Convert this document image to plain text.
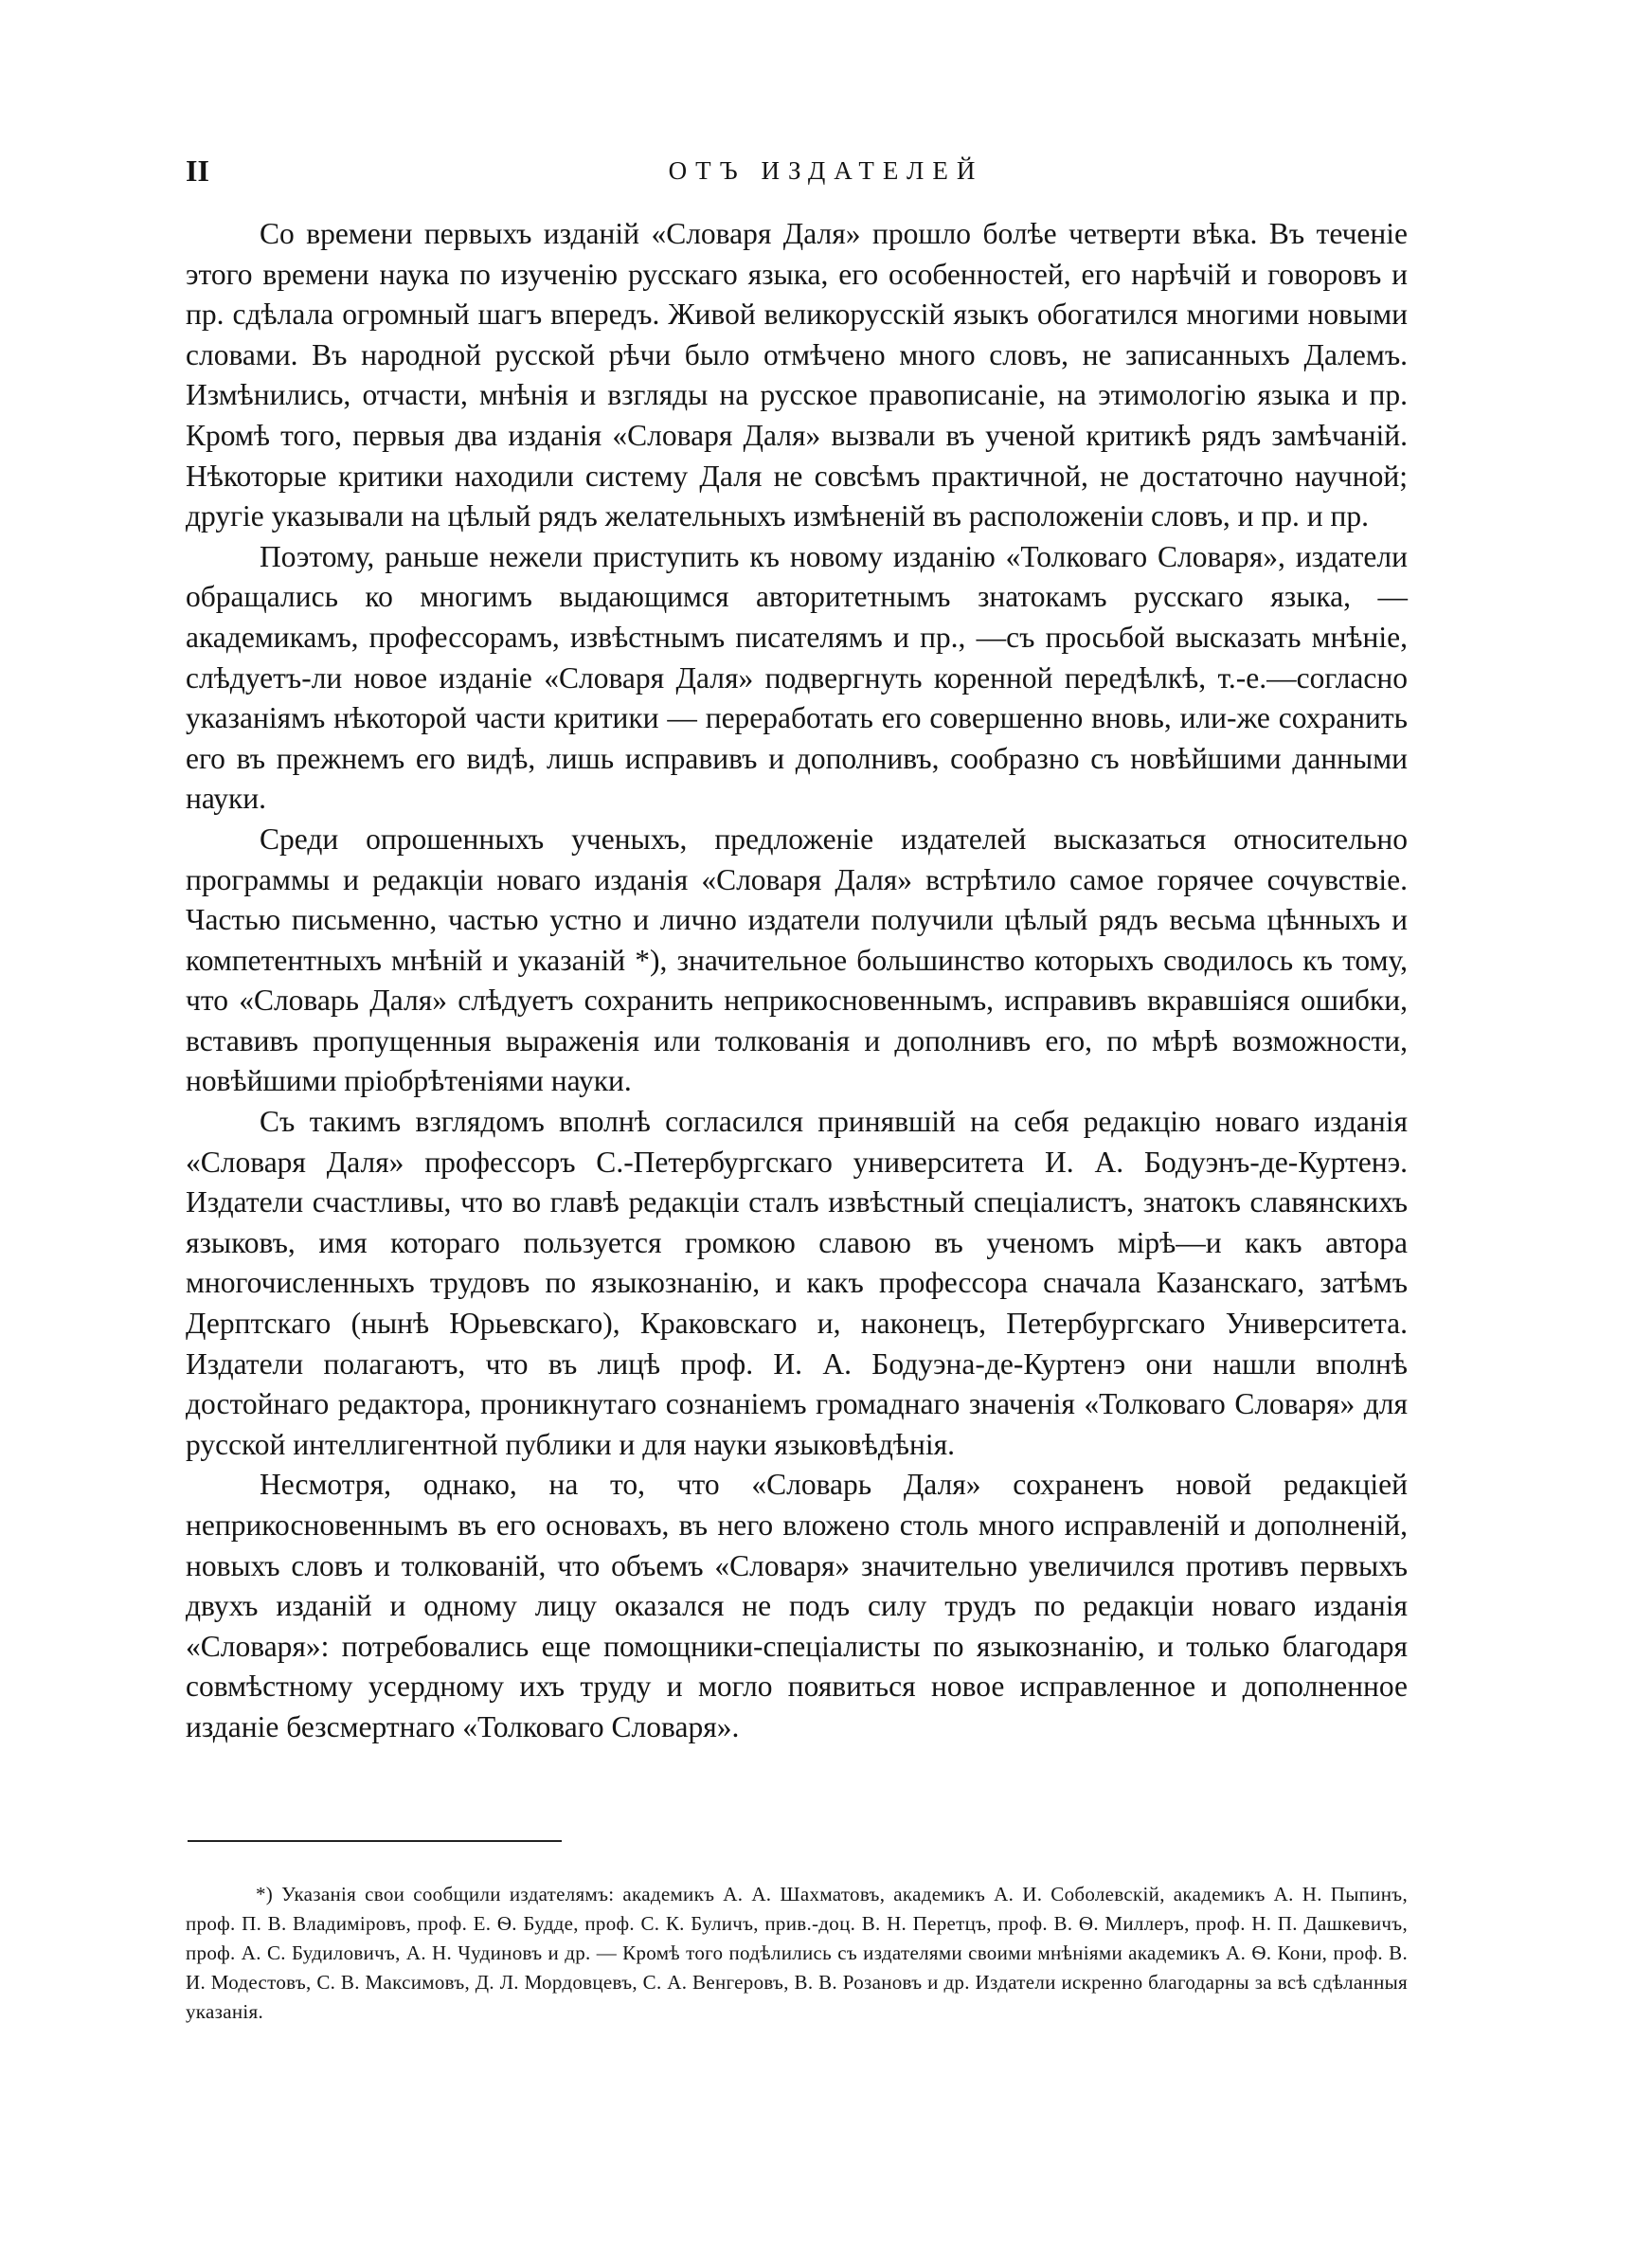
II	ОТЪ ИЗДАТЕЛЕЙ

Со времени первыхъ изданій «Словаря Даля» прошло болѣе четверти вѣка. Въ теченіе этого времени наука по изученію русскаго языка, его особенностей, его нарѣчій и говоровъ и пр. сдѣлала огромный шагъ впередъ. Живой великорусскій языкъ обогатился многими новыми словами. Въ народной русской рѣчи было отмѣчено много словъ, не записанныхъ Далемъ. Измѣнились, отчасти, мнѣнія и взгляды на русское правописаніе, на этимологію языка и пр. Кромѣ того, первыя два изданія «Словаря Даля» вызвали въ ученой критикѣ рядъ замѣчаній. Нѣкоторые критики находили систему Даля не совсѣмъ практичной, не достаточно научной; другіе указывали на цѣлый рядъ желательныхъ измѣненій въ расположеніи словъ, и пр. и пр.

Поэтому, раньше нежели приступить къ новому изданію «Толковаго Словаря», издатели обращались ко многимъ выдающимся авторитетнымъ знатокамъ русскаго языка, — академикамъ, профессорамъ, извѣстнымъ писателямъ и пр., —съ просьбой высказать мнѣніе, слѣдуетъ-ли новое изданіе «Словаря Даля» подвергнуть коренной передѣлкѣ, т.-е.—согласно указаніямъ нѣкоторой части критики — переработать его совершенно вновь, или-же сохранить его въ прежнемъ его видѣ, лишь исправивъ и дополнивъ, сообразно съ новѣйшими данными науки.

Среди опрошенныхъ ученыхъ, предложеніе издателей высказаться относительно программы и редакціи новаго изданія «Словаря Даля» встрѣтило самое горячее сочувствіе. Частью письменно, частью устно и лично издатели получили цѣлый рядъ весьма цѣнныхъ и компетентныхъ мнѣній и указаній *), значительное большинство которыхъ сводилось къ тому, что «Словарь Даля» слѣдуетъ сохранить неприкосновеннымъ, исправивъ вкравшіяся ошибки, вставивъ пропущенныя выраженія или толкованія и дополнивъ его, по мѣрѣ возможности, новѣйшими пріобрѣтеніями науки.

Съ такимъ взглядомъ вполнѣ согласился принявшій на себя редакцію новаго изданія «Словаря Даля» профессоръ С.-Петербургскаго университета И. А. Бодуэнъ-де-Куртенэ. Издатели счастливы, что во главѣ редакціи сталъ извѣстный спеціалистъ, знатокъ славянскихъ языковъ, имя котораго пользуется громкою славою въ ученомъ мірѣ—и какъ автора многочисленныхъ трудовъ по языкознанію, и какъ профессора сначала Казанскаго, затѣмъ Дерптскаго (нынѣ Юрьевскаго), Краковскаго и, наконецъ, Петербургскаго Университета. Издатели полагаютъ, что въ лицѣ проф. И. А. Бодуэна-де-Куртенэ они нашли вполнѣ достойнаго редактора, проникнутаго сознаніемъ громаднаго значенія «Толковаго Словаря» для русской интеллигентной публики и для науки языковѣдѣнія.

Несмотря, однако, на то, что «Словарь Даля» сохраненъ новой редакціей неприкосновеннымъ въ его основахъ, въ него вложено столь много исправленій и дополненій, новыхъ словъ и толкованій, что объемъ «Словаря» значительно увеличился противъ первыхъ двухъ изданій и одному лицу оказался не подъ силу трудъ по редакціи новаго изданія «Словаря»: потребовались еще помощники-спеціалисты по языкознанію, и только благодаря совмѣстному усердному ихъ труду и могло появиться новое исправленное и дополненное изданіе безсмертнаго «Толковаго Словаря».

*) Указанія свои сообщили издателямъ: академикъ А. А. Шахматовъ, академикъ А. И. Соболевскій, академикъ А. Н. Пыпинъ, проф. П. В. Владиміровъ, проф. Е. Ѳ. Будде, проф. С. К. Буличъ, прив.-доц. В. Н. Перетцъ, проф. В. Ѳ. Миллеръ, проф. Н. П. Дашкевичъ, проф. А. С. Будиловичъ, А. Н. Чудиновъ и др. — Кромѣ того подѣлились съ издателями своими мнѣніями академикъ А. Ѳ. Кони, проф. В. И. Модестовъ, С. В. Максимовъ, Д. Л. Мордовцевъ, С. А. Венгеровъ, В. В. Розановъ и др. Издатели искренно благодарны за всѣ сдѣланныя указанія.
